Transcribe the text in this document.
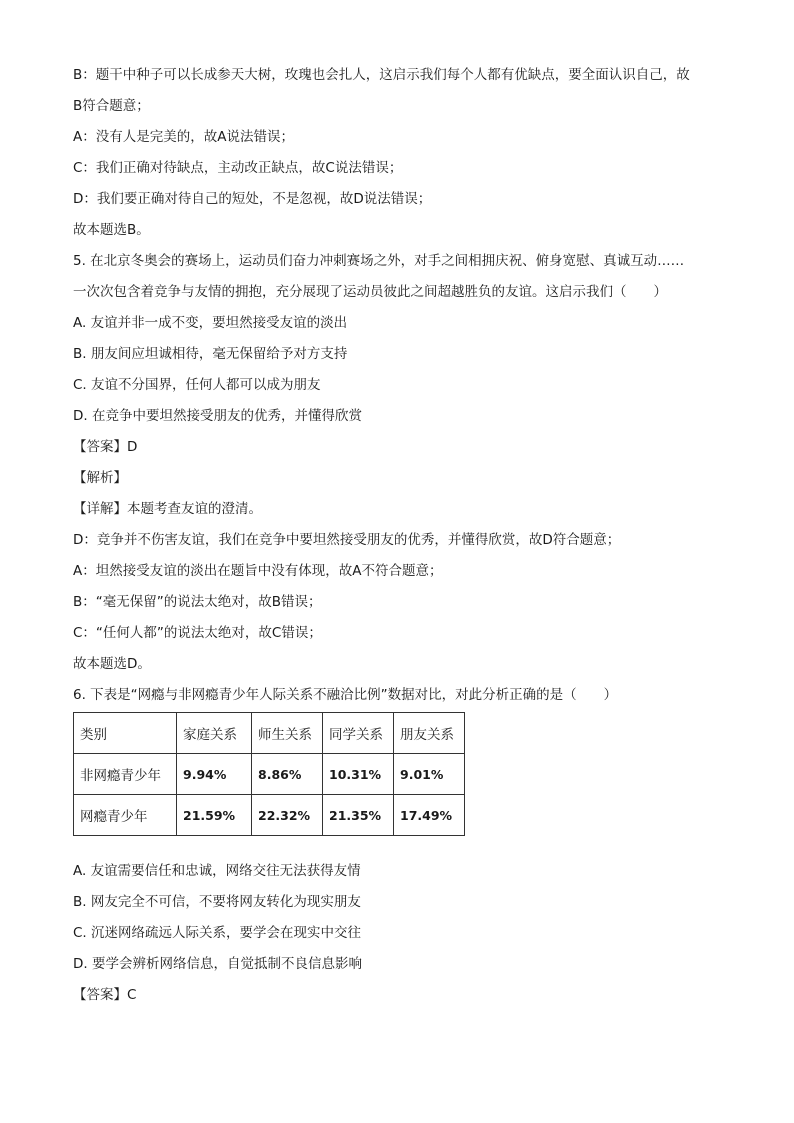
B：题干中种子可以长成参天大树，玫瑰也会扎人，这启示我们每个人都有优缺点，要全面认识自己，故
B符合题意；
A：没有人是完美的，故A说法错误；
C：我们正确对待缺点，主动改正缺点，故C说法错误；
D：我们要正确对待自己的短处，不是忽视，故D说法错误；
故本题选B。
5. 在北京冬奥会的赛场上，运动员们奋力冲刺赛场之外，对手之间相拥庆祝、俯身宽慰、真诚互动……
一次次包含着竞争与友情的拥抱，充分展现了运动员彼此之间超越胜负的友谊。这启示我们（　　）
A. 友谊并非一成不变，要坦然接受友谊的淡出
B. 朋友间应坦诚相待，毫无保留给予对方支持
C. 友谊不分国界，任何人都可以成为朋友
D. 在竞争中要坦然接受朋友的优秀，并懂得欣赏
【答案】D
【解析】
【详解】本题考查友谊的澄清。
D：竞争并不伤害友谊，我们在竞争中要坦然接受朋友的优秀，并懂得欣赏，故D符合题意；
A：坦然接受友谊的淡出在题旨中没有体现，故A不符合题意；
B：“毫无保留”的说法太绝对，故B错误；
C：“任何人都”的说法太绝对，故C错误；
故本题选D。
6. 下表是“网瘾与非网瘾青少年人际关系不融洽比例”数据对比，对此分析正确的是（　　）
类别	家庭关系	师生关系	同学关系	朋友关系
非网瘾青少年	9.94%	8.86%	10.31%	9.01%
网瘾青少年	21.59%	22.32%	21.35%	17.49%
A. 友谊需要信任和忠诚，网络交往无法获得友情
B. 网友完全不可信，不要将网友转化为现实朋友
C. 沉迷网络疏远人际关系，要学会在现实中交往
D. 要学会辨析网络信息，自觉抵制不良信息影响
【答案】C
